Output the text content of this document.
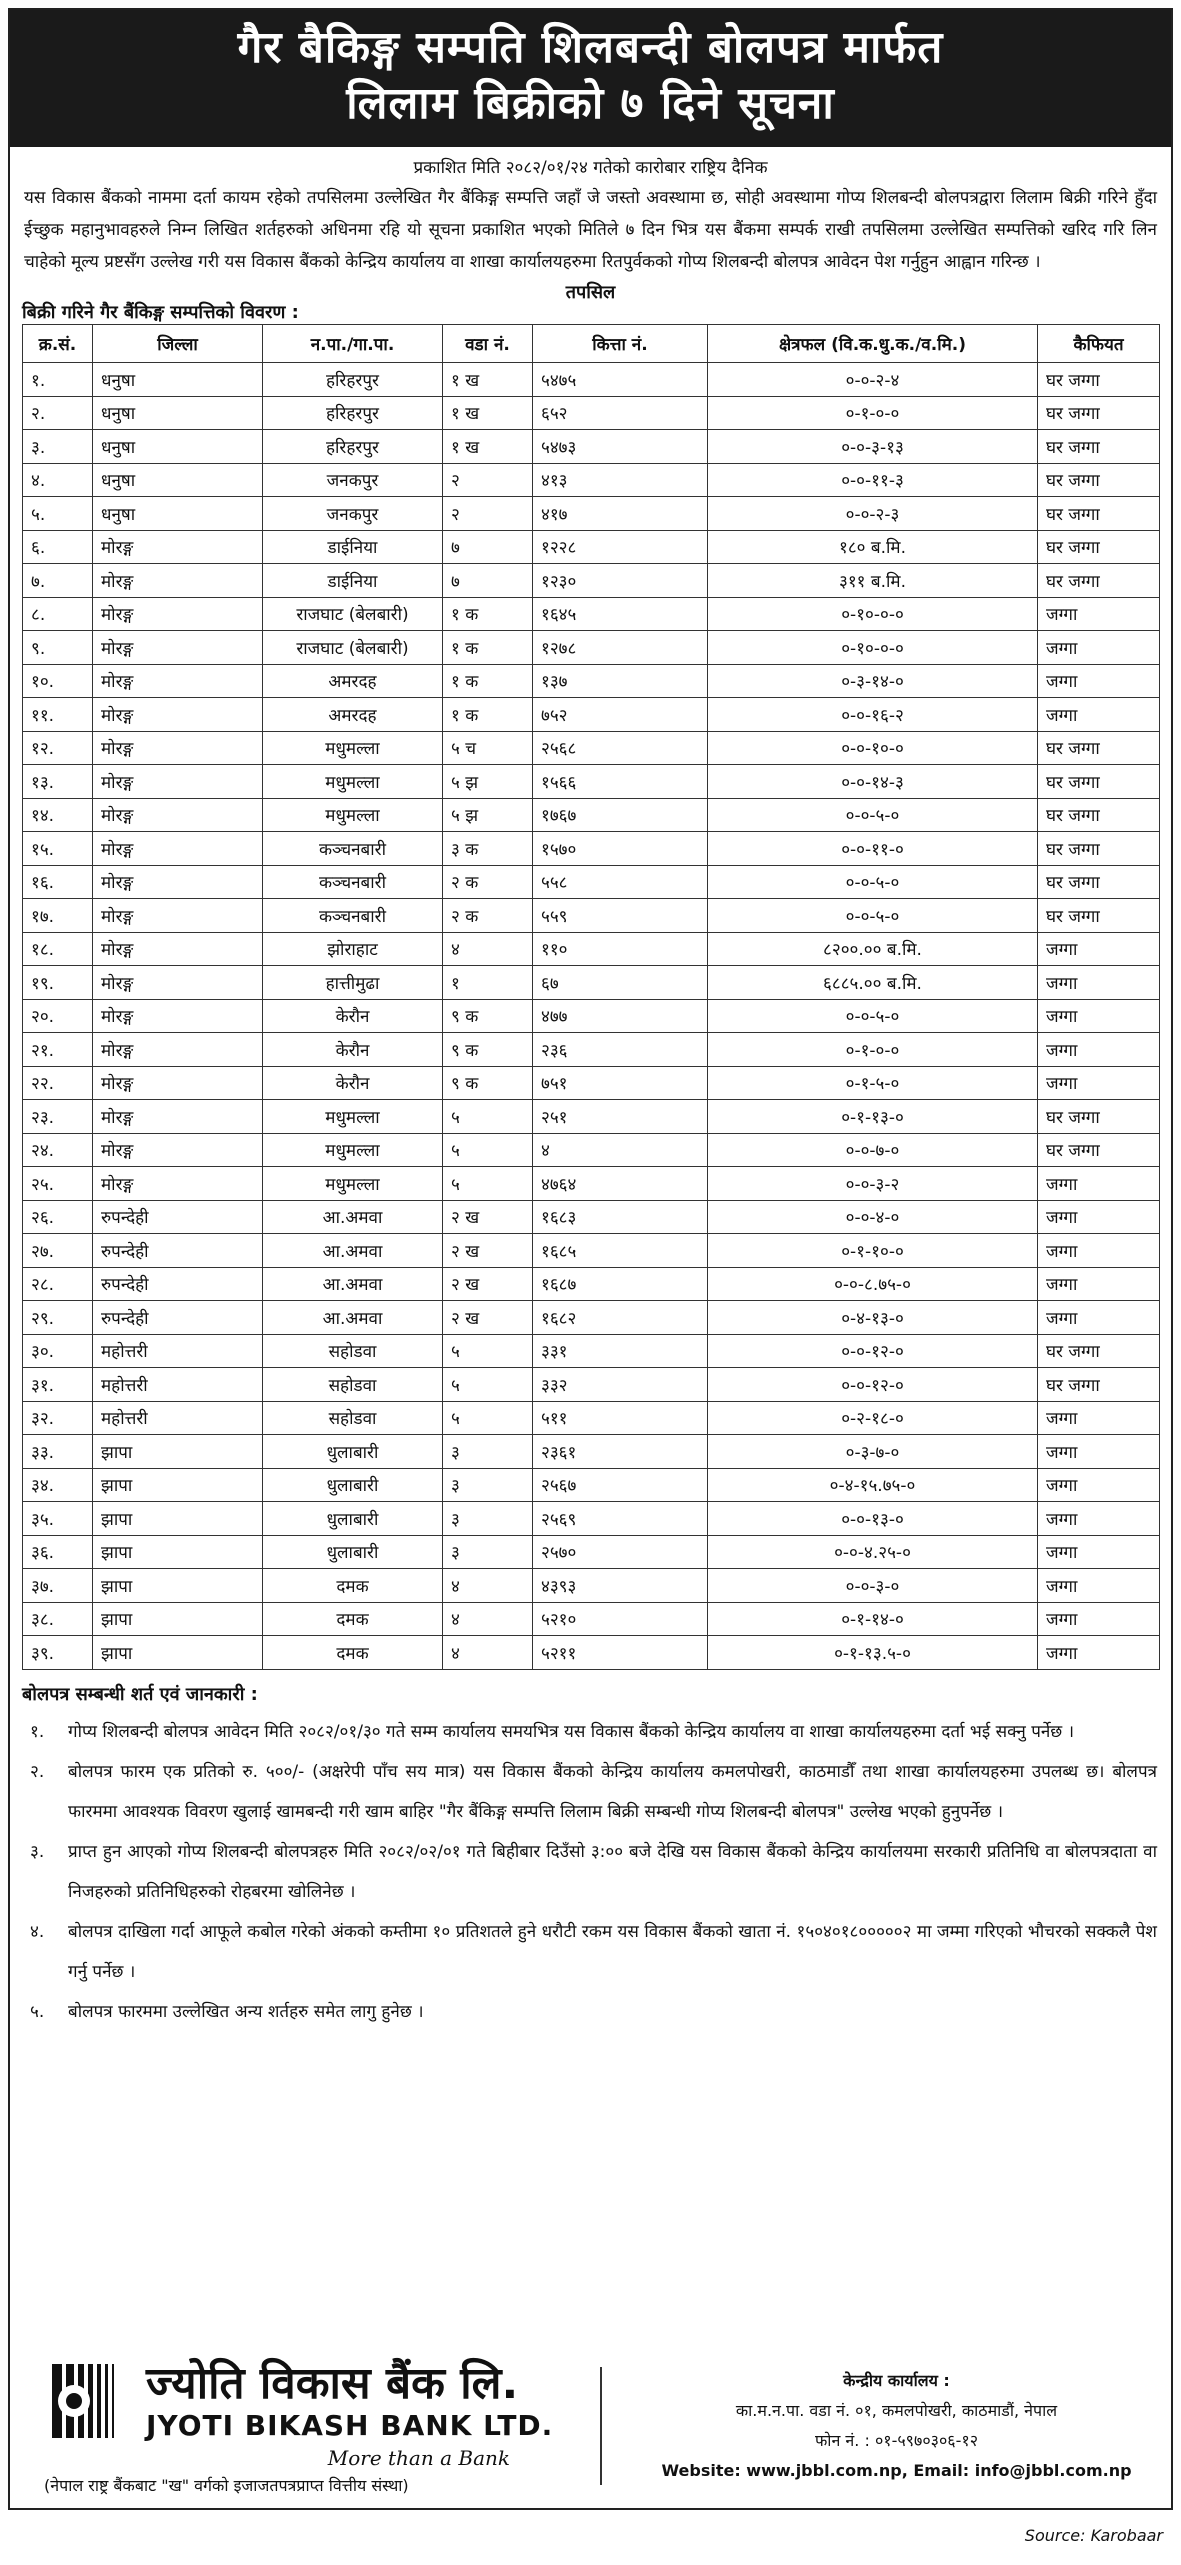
गैर बैकिङ्ग सम्पति शिलबन्दी बोलपत्र मार्फत
लिलाम बिक्रीको ७ दिने सूचना
प्रकाशित मिति २०८२/०१/२४ गतेको कारोबार राष्ट्रिय दैनिक
यस विकास बैंकको नाममा दर्ता कायम रहेको तपसिलमा उल्लेखित गैर बैंकिङ्ग सम्पत्ति जहाँ जे जस्तो अवस्थामा छ, सोही अवस्थामा गोप्य शिलबन्दी बोलपत्रद्वारा लिलाम बिक्री गरिने हुँदा ईच्छुक महानुभावहरुले निम्न लिखित शर्तहरुको अधिनमा रहि यो सूचना प्रकाशित भएको मितिले ७ दिन भित्र यस बैंकमा सम्पर्क राखी तपसिलमा उल्लेखित सम्पत्तिको खरिद गरि लिन चाहेको मूल्य प्रष्टसँग उल्लेख गरी यस विकास बैंकको केन्द्रिय कार्यालय वा शाखा कार्यालयहरुमा रितपुर्वकको गोप्य शिलबन्दी बोलपत्र आवेदन पेश गर्नुहुन आह्वान गरिन्छ ।
तपसिल
बिक्री गरिने गैर बैंकिङ्ग सम्पत्तिको विवरण :
क्र.सं.	जिल्ला	न.पा./गा.पा.	वडा नं.	कित्ता नं.	क्षेत्रफल (वि.क.धु.क./व.मि.)	कैफियत
१.	धनुषा	हरिहरपुर	१ ख	५४७५	०-०-२-४	घर जग्गा
२.	धनुषा	हरिहरपुर	१ ख	६५२	०-१-०-०	घर जग्गा
३.	धनुषा	हरिहरपुर	१ ख	५४७३	०-०-३-१३	घर जग्गा
४.	धनुषा	जनकपुर	२	४१३	०-०-११-३	घर जग्गा
५.	धनुषा	जनकपुर	२	४१७	०-०-२-३	घर जग्गा
६.	मोरङ्ग	डाईनिया	७	१२२८	१८० ब.मि.	घर जग्गा
७.	मोरङ्ग	डाईनिया	७	१२३०	३११ ब.मि.	घर जग्गा
८.	मोरङ्ग	राजघाट (बेलबारी)	१ क	१६४५	०-१०-०-०	जग्गा
९.	मोरङ्ग	राजघाट (बेलबारी)	१ क	१२७८	०-१०-०-०	जग्गा
१०.	मोरङ्ग	अमरदह	१ क	१३७	०-३-१४-०	जग्गा
११.	मोरङ्ग	अमरदह	१ क	७५२	०-०-१६-२	जग्गा
१२.	मोरङ्ग	मधुमल्ला	५ च	२५६८	०-०-१०-०	घर जग्गा
१३.	मोरङ्ग	मधुमल्ला	५ झ	१५६६	०-०-१४-३	घर जग्गा
१४.	मोरङ्ग	मधुमल्ला	५ झ	१७६७	०-०-५-०	घर जग्गा
१५.	मोरङ्ग	कञ्चनबारी	३ क	१५७०	०-०-११-०	घर जग्गा
१६.	मोरङ्ग	कञ्चनबारी	२ क	५५८	०-०-५-०	घर जग्गा
१७.	मोरङ्ग	कञ्चनबारी	२ क	५५९	०-०-५-०	घर जग्गा
१८.	मोरङ्ग	झोराहाट	४	११०	८२००.०० ब.मि.	जग्गा
१९.	मोरङ्ग	हात्तीमुढा	१	६७	६८८५.०० ब.मि.	जग्गा
२०.	मोरङ्ग	केरौन	९ क	४७७	०-०-५-०	जग्गा
२१.	मोरङ्ग	केरौन	९ क	२३६	०-१-०-०	जग्गा
२२.	मोरङ्ग	केरौन	९ क	७५१	०-१-५-०	जग्गा
२३.	मोरङ्ग	मधुमल्ला	५	२५१	०-१-१३-०	घर जग्गा
२४.	मोरङ्ग	मधुमल्ला	५	४	०-०-७-०	घर जग्गा
२५.	मोरङ्ग	मधुमल्ला	५	४७६४	०-०-३-२	जग्गा
२६.	रुपन्देही	आ.अमवा	२ ख	१६८३	०-०-४-०	जग्गा
२७.	रुपन्देही	आ.अमवा	२ ख	१६८५	०-१-१०-०	जग्गा
२८.	रुपन्देही	आ.अमवा	२ ख	१६८७	०-०-८.७५-०	जग्गा
२९.	रुपन्देही	आ.अमवा	२ ख	१६८२	०-४-१३-०	जग्गा
३०.	महोत्तरी	सहोडवा	५	३३१	०-०-१२-०	घर जग्गा
३१.	महोत्तरी	सहोडवा	५	३३२	०-०-१२-०	घर जग्गा
३२.	महोत्तरी	सहोडवा	५	५११	०-२-१८-०	जग्गा
३३.	झापा	धुलाबारी	३	२३६१	०-३-७-०	जग्गा
३४.	झापा	धुलाबारी	३	२५६७	०-४-१५.७५-०	जग्गा
३५.	झापा	धुलाबारी	३	२५६९	०-०-१३-०	जग्गा
३६.	झापा	धुलाबारी	३	२५७०	०-०-४.२५-०	जग्गा
३७.	झापा	दमक	४	४३९३	०-०-३-०	जग्गा
३८.	झापा	दमक	४	५२१०	०-१-१४-०	जग्गा
३९.	झापा	दमक	४	५२११	०-१-१३.५-०	जग्गा
बोलपत्र सम्बन्धी शर्त एवं जानकारी :
१.	गोप्य शिलबन्दी बोलपत्र आवेदन मिति २०८२/०१/३० गते सम्म कार्यालय समयभित्र यस विकास बैंकको केन्द्रिय कार्यालय वा शाखा कार्यालयहरुमा दर्ता भई सक्नु पर्नेछ ।
२.	बोलपत्र फारम एक प्रतिको रु. ५००/- (अक्षरेपी पाँच सय मात्र) यस विकास बैंकको केन्द्रिय कार्यालय कमलपोखरी, काठमाडौँ तथा शाखा कार्यालयहरुमा उपलब्ध छ। बोलपत्र फारममा आवश्यक विवरण खुलाई खामबन्दी गरी खाम बाहिर "गैर बैंकिङ्ग सम्पत्ति लिलाम बिक्री सम्बन्धी गोप्य शिलबन्दी बोलपत्र" उल्लेख भएको हुनुपर्नेछ ।
३.	प्राप्त हुन आएको गोप्य शिलबन्दी बोलपत्रहरु मिति २०८२/०२/०१ गते बिहीबार दिउँसो ३:०० बजे देखि यस विकास बैंकको केन्द्रिय कार्यालयमा सरकारी प्रतिनिधि वा बोलपत्रदाता वा निजहरुको प्रतिनिधिहरुको रोहबरमा खोलिनेछ ।
४.	बोलपत्र दाखिला गर्दा आफूले कबोल गरेको अंकको कम्तीमा १० प्रतिशतले हुने धरौटी रकम यस विकास बैंकको खाता नं. १५०४०१८०००००२ मा जम्मा गरिएको भौचरको सक्कलै पेश गर्नु पर्नेछ ।
५.	बोलपत्र फारममा उल्लेखित अन्य शर्तहरु समेत लागु हुनेछ ।
ज्योति विकास बैंक लि.
JYOTI BIKASH BANK LTD.
More than a Bank
(नेपाल राष्ट्र बैंकबाट "ख" वर्गको इजाजतपत्रप्राप्त वित्तीय संस्था)
केन्द्रीय कार्यालय :
का.म.न.पा. वडा नं. ०१, कमलपोखरी, काठमाडौं, नेपाल
फोन नं. : ०१-५९७०३०६-१२
Website: www.jbbl.com.np, Email: info@jbbl.com.np
Source: Karobaar
